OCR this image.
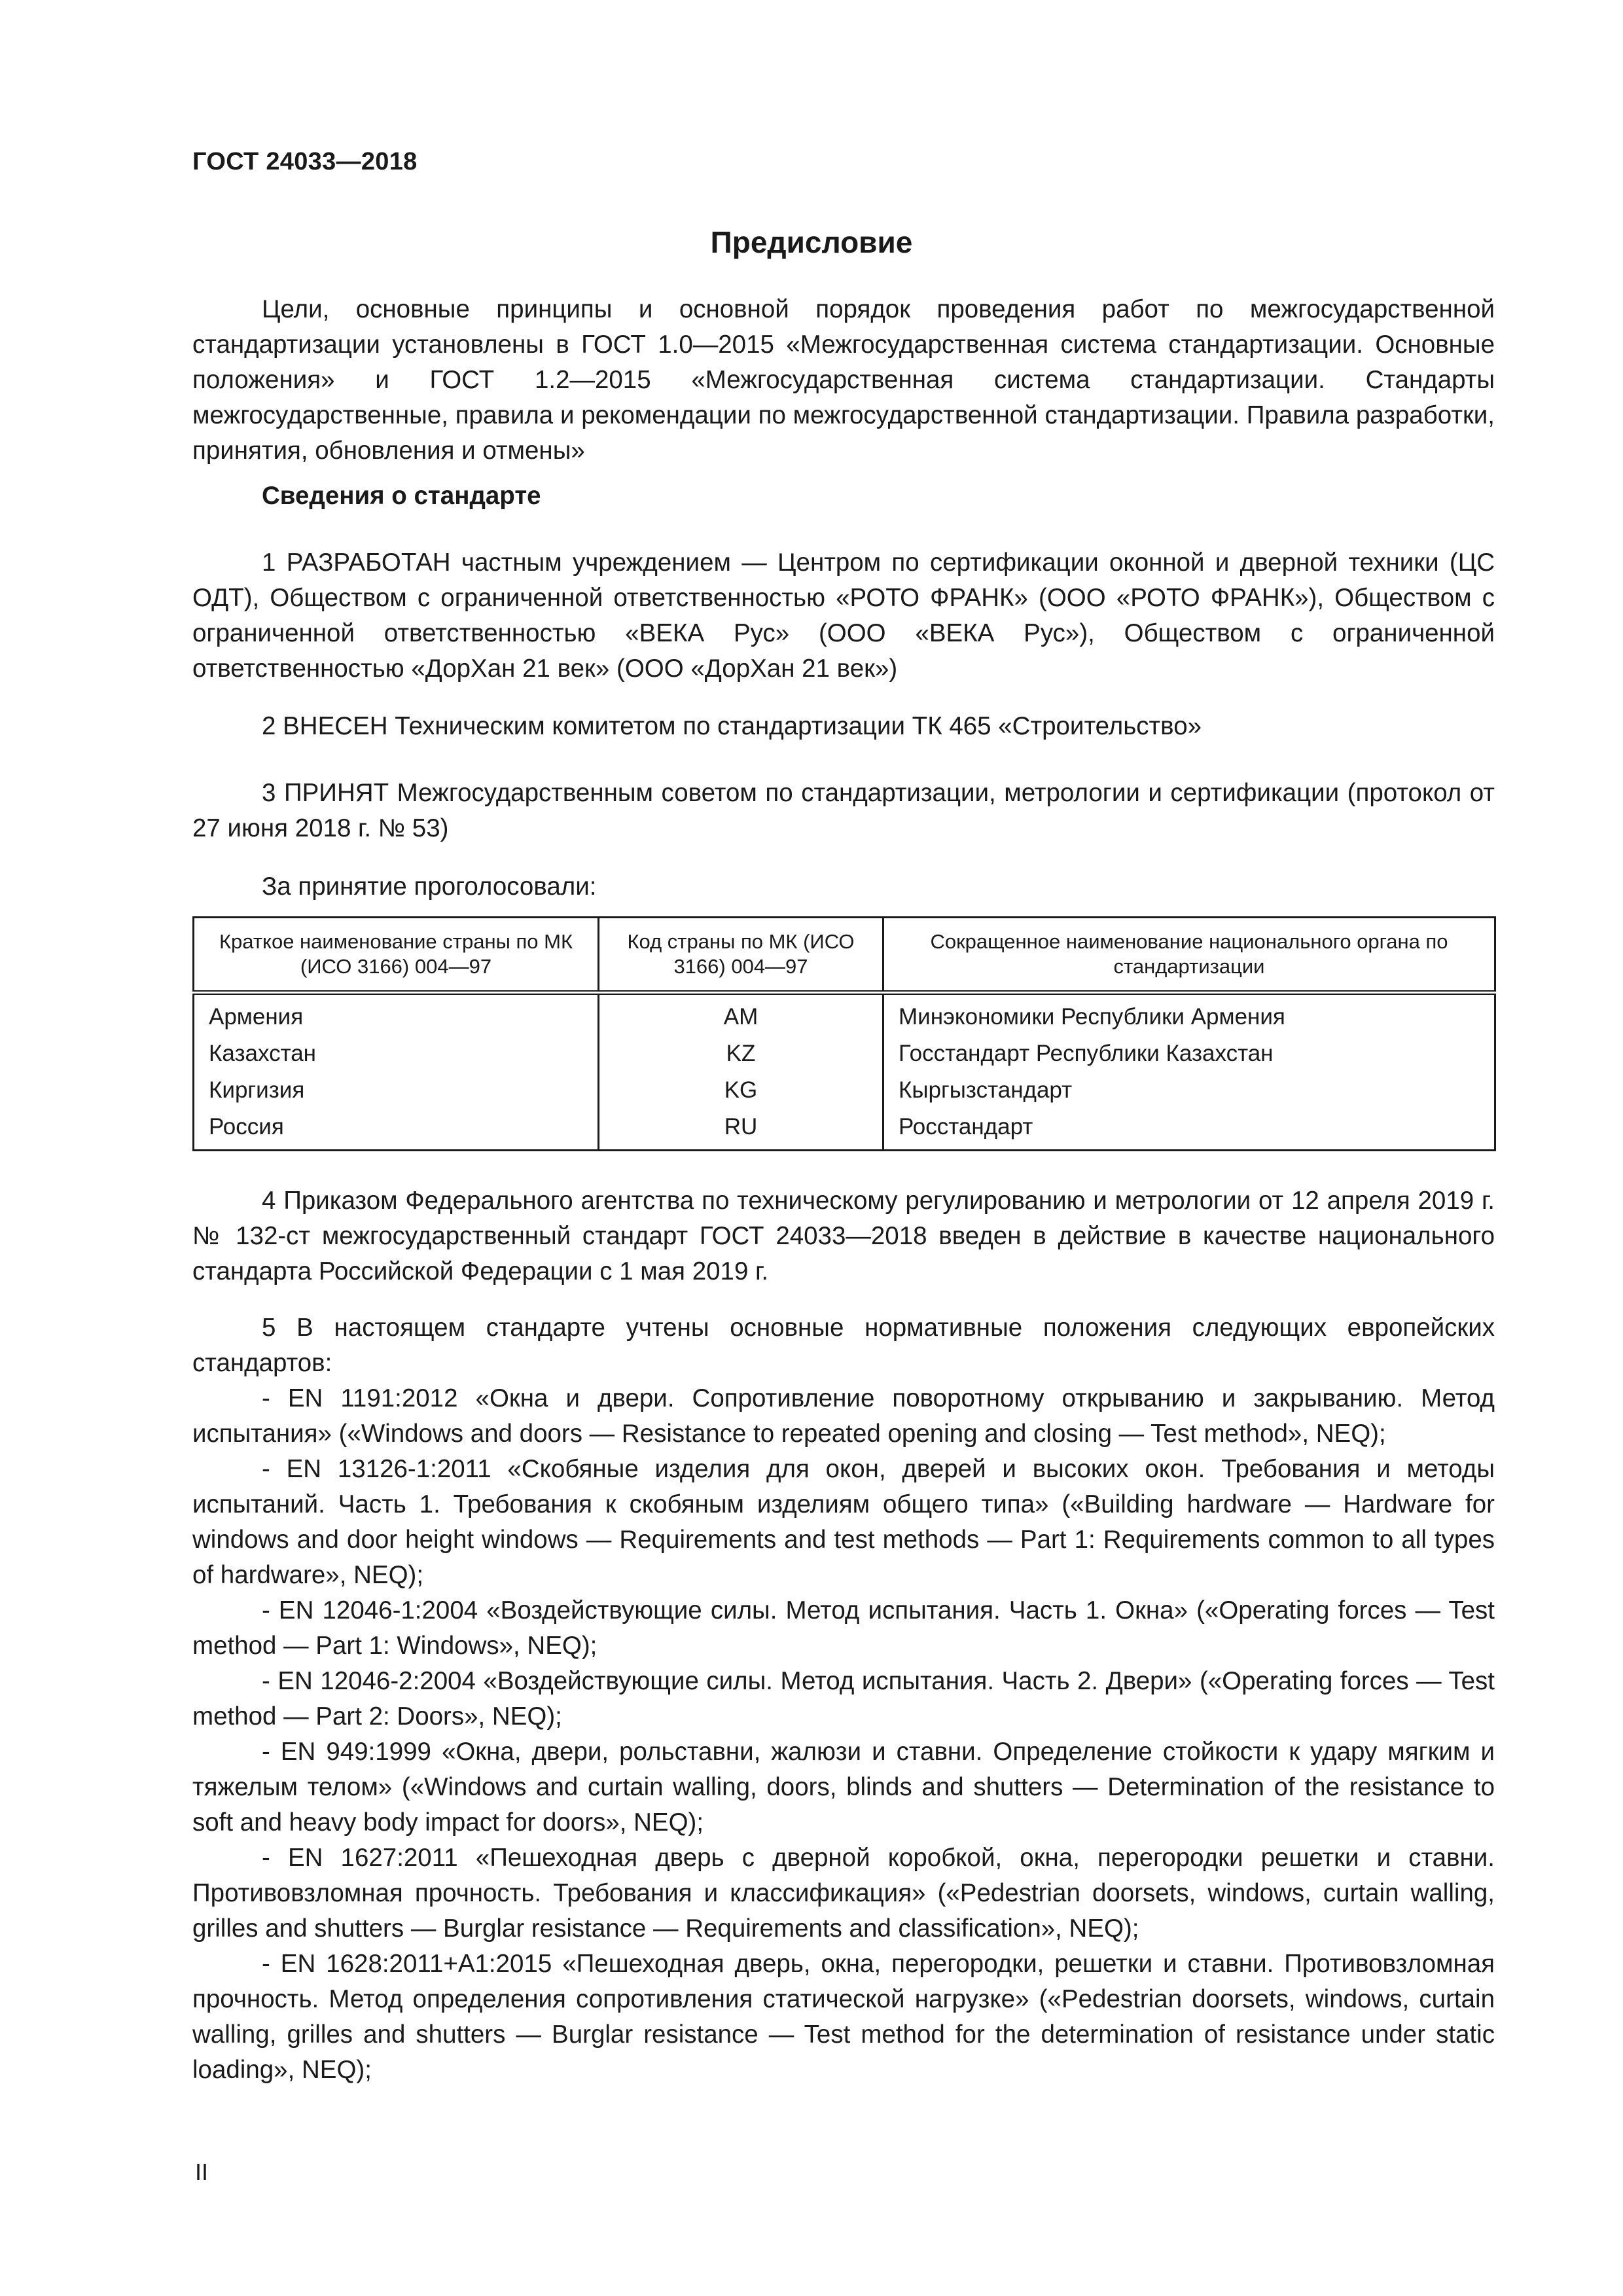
ГОСТ 24033—2018
Предисловие

Цели, основные принципы и основной порядок проведения работ по межгосударственной стандартизации установлены в ГОСТ 1.0—2015 «Межгосударственная система стандартизации. Основные положения» и ГОСТ 1.2—2015 «Межгосударственная система стандартизации. Стандарты межгосударственные, правила и рекомендации по межгосударственной стандартизации. Правила разработки, принятия, обновления и отмены»

Сведения о стандарте

1 РАЗРАБОТАН частным учреждением — Центром по сертификации оконной и дверной техники (ЦС ОДТ), Обществом с ограниченной ответственностью «РОТО ФРАНК» (ООО «РОТО ФРАНК»), Обществом с ограниченной ответственностью «ВЕКА Рус» (ООО «ВЕКА Рус»), Обществом с ограниченной ответственностью «ДорХан 21 век» (ООО «ДорХан 21 век»)

2 ВНЕСЕН Техническим комитетом по стандартизации ТК 465 «Строительство»

3 ПРИНЯТ Межгосударственным советом по стандартизации, метрологии и сертификации (протокол от 27 июня 2018 г. № 53)

За принятие проголосовали:
Краткое наименование страны по МК (ИСО 3166) 004—97	Код страны по МК (ИСО 3166) 004—97	Сокращенное наименование национального органа по стандартизации
Армения	AM	Минэкономики Республики Армения
Казахстан	KZ	Госстандарт Республики Казахстан
Киргизия	KG	Кыргызстандарт
Россия	RU	Росстандарт

4 Приказом Федерального агентства по техническому регулированию и метрологии от 12 апреля 2019 г. № 132-ст межгосударственный стандарт ГОСТ 24033—2018 введен в действие в качестве национального стандарта Российской Федерации с 1 мая 2019 г.

5 В настоящем стандарте учтены основные нормативные положения следующих европейских стандартов:

- EN 1191:2012 «Окна и двери. Сопротивление поворотному открыванию и закрыванию. Метод испытания» («Windows and doors — Resistance to repeated opening and closing — Test method», NEQ);

- EN 13126-1:2011 «Скобяные изделия для окон, дверей и высоких окон. Требования и методы испытаний. Часть 1. Требования к скобяным изделиям общего типа» («Building hardware — Hardware for windows and door height windows — Requirements and test methods — Part 1: Requirements common to all types of hardware», NEQ);

- EN 12046-1:2004 «Воздействующие силы. Метод испытания. Часть 1. Окна» («Operating forces — Test method — Part 1: Windows», NEQ);

- EN 12046-2:2004 «Воздействующие силы. Метод испытания. Часть 2. Двери» («Operating forces — Test method — Part 2: Doors», NEQ);

- EN 949:1999 «Окна, двери, рольставни, жалюзи и ставни. Определение стойкости к удару мягким и тяжелым телом» («Windows and curtain walling, doors, blinds and shutters — Determination of the resistance to soft and heavy body impact for doors», NEQ);

- EN 1627:2011 «Пешеходная дверь с дверной коробкой, окна, перегородки решетки и ставни. Противовзломная прочность. Требования и классификация» («Pedestrian doorsets, windows, curtain walling, grilles and shutters — Burglar resistance — Requirements and classification», NEQ);

- EN 1628:2011+A1:2015 «Пешеходная дверь, окна, перегородки, решетки и ставни. Противовзломная прочность. Метод определения сопротивления статической нагрузке» («Pedestrian doorsets, windows, curtain walling, grilles and shutters — Burglar resistance — Test method for the determination of resistance under static loading», NEQ);

II
